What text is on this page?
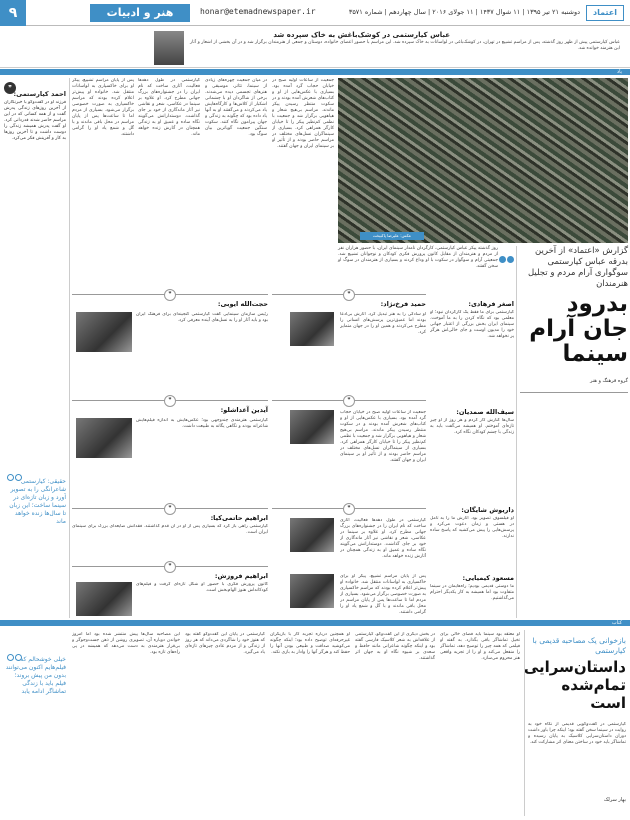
۹	هنر و ادبیات	honar@etemadnewspaper.ir	دوشنبه ۲۱ تیر ۱۳۹۵ | ۱۱ شوال ۱۴۳۷ | ۱۱ جولای ۲۰۱۶ | سال چهاردهم | شماره ۳۵۷۱	اعتماد
عباس کیارستمی در کوشک‌باغش به خاک سپرده شد
عباس کیارستمی پیش از ظهر روز گذشته، پس از مراسم تشییع در تهران، در کوشک‌باغی در لواسانات به خاک سپرده شد. این مراسم با حضور اعضای خانواده، دوستان و جمعی از هنرمندان برگزار شد و در آن بخشی از اشعار و آثار این هنرمند خوانده شد.
یاد
عکس: علیرضا پاکبیخت
گزارش «اعتماد» از آخرین بدرقه عباس کیارستمی سوگواری آرام مردم و تجلیل هنرمندان
بدرود جان آرام سینما
گروه فرهنگ و هنر
روز گذشته پیکر عباس کیارستمی، کارگردان نامدار سینمای ایران، با حضور هزاران نفر از مردم و هنرمندان از مقابل کانون پرورش فکری کودکان و نوجوانان تشییع شد. جمعیتی آرام و سوگوار در سکوت با او وداع کردند و بسیاری از هنرمندان در سوگ او سخن گفتند.
جمعیت از ساعات اولیه صبح در خیابان حجاب گرد آمده بود. بسیاری با عکس‌هایی از او و کتاب‌های شعرش آمده بودند و در سکوت منتظر رسیدن پیکر ماندند. مراسم بی‌هیچ شعار و هیاهویی برگزار شد و جمعیت با نظمی کم‌نظیر پیکر را تا خیابان کارگر همراهی کرد. بسیاری از سینماگران نسل‌های مختلف در مراسم حاضر بودند و از تأثیر او بر سینمای ایران و جهان گفتند.
در میان جمعیت چهره‌های زیادی از سینما، تئاتر، موسیقی و هنرهای تجسمی دیده می‌شدند. برخی از شاگردان او با چشمانی اشکبار از کلاس‌ها و کارگاه‌هایش یاد می‌کردند و می‌گفتند او به آنها یاد داده بود که چگونه به زندگی و جهان پیرامون نگاه کنند. سکوت سنگین جمعیت گویاترین بیان سوگ بود.
کیارستمی در طول دهه‌ها فعالیت، آثاری ساخت که نام ایران را در جشنواره‌های بزرگ جهانی مطرح کرد. او علاوه بر سینما در عکاسی، شعر و نقاشی نیز آثار ماندگاری از خود بر جای گذاشت. دوستدارانش می‌گویند نگاه ساده و عمیق او به زندگی همچنان در آثارش زنده خواهد ماند.
پس از پایان مراسم تشییع، پیکر او برای خاکسپاری به لواسانات منتقل شد. خانواده او پیش‌تر اعلام کرده بودند که مراسم خاکسپاری به صورت خصوصی برگزار می‌شود. بسیاری از مردم اما تا ساعت‌ها پس از پایان مراسم در محل باقی ماندند و با گل و شمع یاد او را گرامی داشتند.
❞
احمد کیارستمی:
فرزند او در گفت‌وگو با خبرنگاران از آخرین روزهای زندگی پدرش گفت و از همه کسانی که در این مراسم حاضر شدند قدردانی کرد. او گفت پدرش همیشه زندگی را دوست داشت و تا آخرین روزها به کار و آفرینش فکر می‌کرد.
حقیقی: کیارستمی شاعرانگی را به تصویر آورد و زبان تازه‌ای در سینما ساخت؛ این زبان تا سال‌ها زنده خواهد ماند
اصغر فرهادی:
کیارستمی برای ما فقط یک کارگردان نبود؛ او معلمی بود که نگاه کردن را به ما آموخت. سینمای ایران بخش بزرگی از اعتبار جهانی خود را مدیون اوست و جای خالی‌اش هرگز پر نخواهد شد.
سیف‌الله صمدیان:
سال‌ها کنارش کار کردم و هر روز از او چیز تازه‌ای آموختم. او همیشه می‌گفت باید به زندگی با چشم کودکان نگاه کرد.
داریوش شایگان:
او فیلسوف تصویر بود. آثارش ما را به تأمل در هستی و زمان دعوت می‌کرد و پرسش‌هایی را پیش می‌کشید که پاسخ ساده ندارند.
مسعود کیمیایی:
ما دوستی قدیمی بودیم؛ راه‌هایمان در سینما متفاوت بود اما همیشه به کار یکدیگر احترام می‌گذاشتیم.
❞
حمید فرخ‌نژاد:
او سادگی را به هنر تبدیل کرد. آثارش بی‌ادعا بودند اما عمیق‌ترین پرسش‌های انسانی را مطرح می‌کردند و همین او را در جهان متمایز کرد.
❞
جمعیت از ساعات اولیه صبح در خیابان حجاب گرد آمده بود. بسیاری با عکس‌هایی از او و کتاب‌های شعرش آمده بودند و در سکوت منتظر رسیدن پیکر ماندند. مراسم بی‌هیچ شعار و هیاهویی برگزار شد و جمعیت با نظمی کم‌نظیر پیکر را تا خیابان کارگر همراهی کرد. بسیاری از سینماگران نسل‌های مختلف در مراسم حاضر بودند و از تأثیر او بر سینمای ایران و جهان گفتند.
❞
کیارستمی در طول دهه‌ها فعالیت، آثاری ساخت که نام ایران را در جشنواره‌های بزرگ جهانی مطرح کرد. او علاوه بر سینما در عکاسی، شعر و نقاشی نیز آثار ماندگاری از خود بر جای گذاشت. دوستدارانش می‌گویند نگاه ساده و عمیق او به زندگی همچنان در آثارش زنده خواهد ماند.
پس از پایان مراسم تشییع، پیکر او برای خاکسپاری به لواسانات منتقل شد. خانواده او پیش‌تر اعلام کرده بودند که مراسم خاکسپاری به صورت خصوصی برگزار می‌شود. بسیاری از مردم اما تا ساعت‌ها پس از پایان مراسم در محل باقی ماندند و با گل و شمع یاد او را گرامی داشتند.
❞
حجت‌الله ایوبی:
رئیس سازمان سینمایی گفت کیارستمی گنجینه‌ای برای فرهنگ ایران بود و باید آثار او را به نسل‌های آینده معرفی کرد.
❞
آیدین آغداشلو:
کیارستمی هنرمندی چندوجهی بود؛ عکس‌هایش به اندازه فیلم‌هایش شاعرانه بودند و نگاهی یگانه به طبیعت داشت.
❞
ابراهیم حاتمی‌کیا:
کیارستمی راهی باز کرد که بسیاری پس از او در آن قدم گذاشتند. فقدانش ضایعه‌ای بزرگ برای سینمای ایران است.
❞
ابراهیم فروزش:
کانون پرورش فکری با حضور او شکل تازه‌ای گرفت و فیلم‌های کودکانه‌اش هنوز الهام‌بخش است.
کتاب
بازخوانی یک مصاحبه قدیمی با کیارستمی
داستان‌سرایی تمام‌شده است
کیارستمی در گفت‌وگویی قدیمی از نگاه خود به روایت در سینما سخن گفته بود؛ اینکه چرا باور داشت دوران داستان‌سرایی کلاسیک به پایان رسیده و تماشاگر باید خود در ساختن معنای اثر مشارکت کند.
بهار سرلک
او معتقد بود سینما باید فضای خالی برای تخیل تماشاگر باقی بگذارد. به گفته او فیلمی که همه چیز را توضیح دهد، تماشاگر را منفعل می‌کند و او را از تجربه واقعی هنر محروم می‌سازد.
در بخش دیگری از این گفت‌وگو، کیارستمی از علاقه‌اش به شعر کلاسیک فارسی گفته بود و اینکه چگونه شاعرانی مانند حافظ و سعدی بر شیوه نگاه او به جهان اثر گذاشتند.
او همچنین درباره تجربه کار با بازیگران غیرحرفه‌ای توضیح داده بود؛ اینکه چگونه می‌کوشید صداقت و طبیعی بودن آنها را حفظ کند و هرگز آنها را وادار به بازی نکند.
کیارستمی در پایان این گفت‌وگو گفته بود که هنوز خود را شاگردی می‌داند که هر روز از زندگی و از مردم عادی چیزهای تازه‌ای یاد می‌گیرد.
این مصاحبه سال‌ها پیش منتشر شده بود اما امروز خواندن دوباره آن، تصویری روشن از ذهن جست‌وجوگر و بی‌قرار هنرمندی به دست می‌دهد که همیشه در پی راه‌های تازه بود.
خیلی خوشحالم که فیلم‌هایم اکنون می‌توانند بدون من پیش بروند؛ فیلم باید با زندگی تماشاگر ادامه یابد
